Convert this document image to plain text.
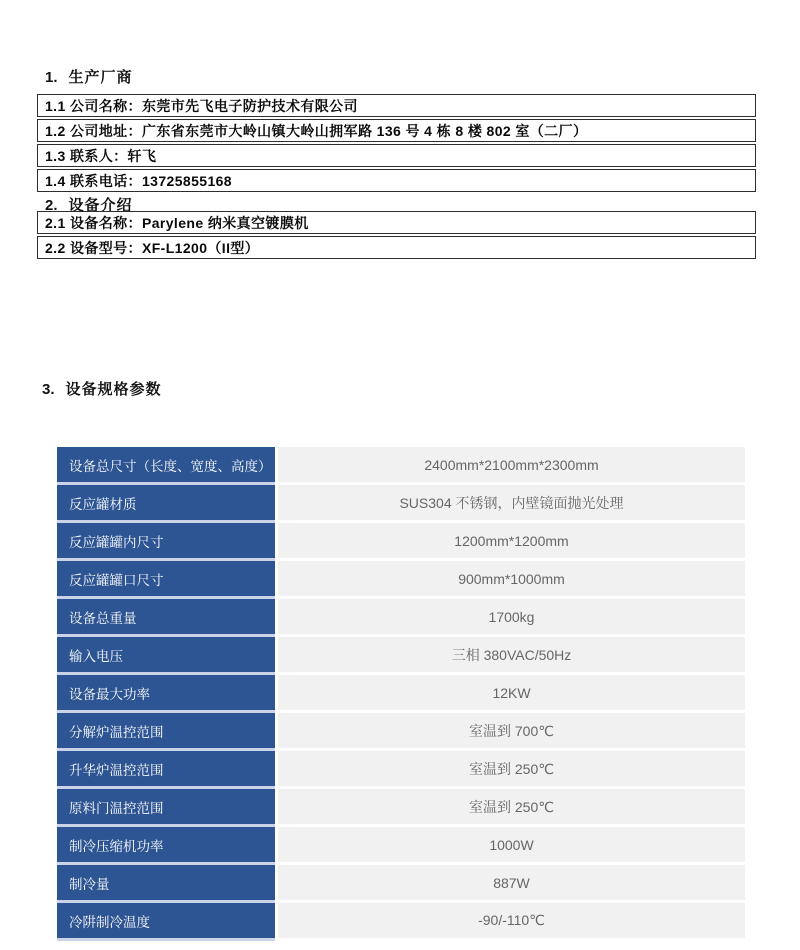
1. 生产厂商
1.1 公司名称：东莞市先飞电子防护技术有限公司
1.2 公司地址：广东省东莞市大岭山镇大岭山拥军路 136 号 4 栋 8 楼 802 室（二厂）
1.3 联系人：轩飞
1.4 联系电话：13725855168
2. 设备介绍
2.1 设备名称：Parylene 纳米真空镀膜机
2.2 设备型号：XF-L1200（II型）
3. 设备规格参数
设备总尺寸（长度、宽度、高度）	2400mm*2100mm*2300mm
反应罐材质	SUS304 不锈钢，内壁镜面抛光处理
反应罐罐内尺寸	1200mm*1200mm
反应罐罐口尺寸	900mm*1000mm
设备总重量	1700kg
输入电压	三相 380VAC/50Hz
设备最大功率	12KW
分解炉温控范围	室温到 700℃
升华炉温控范围	室温到 250℃
原料门温控范围	室温到 250℃
制冷压缩机功率	1000W
制冷量	887W
冷阱制冷温度	-90/-110℃
